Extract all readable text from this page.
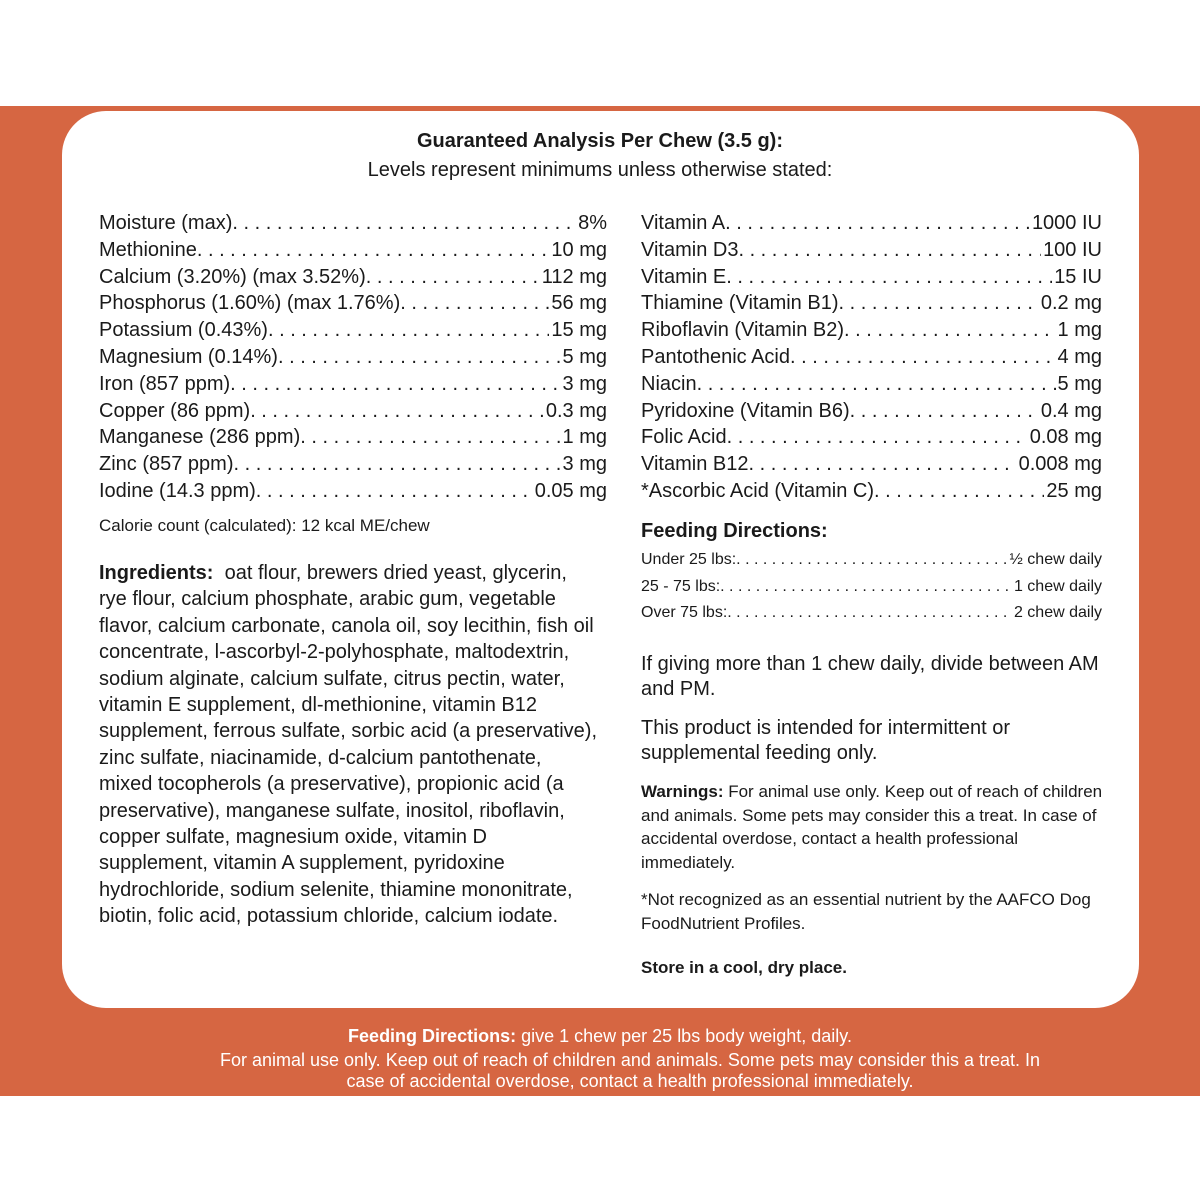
Guaranteed Analysis Per Chew (3.5 g):
Levels represent minimums unless otherwise stated:
Moisture (max) . . .	8%
Methionine . . .	10 mg
Calcium (3.20%) (max 3.52%) . . .	112 mg
Phosphorus (1.60%) (max 1.76%) . . .	56 mg
Potassium (0.43%) . . .	15 mg
Magnesium (0.14%) . . .	5 mg
Iron (857 ppm) . . .	3 mg
Copper (86 ppm) . . .	0.3 mg
Manganese (286 ppm) . . .	1 mg
Zinc (857 ppm) . . .	3 mg
Iodine (14.3 ppm) . . .	0.05 mg
Vitamin A . . .	1000 IU
Vitamin D3 . . .	100 IU
Vitamin E . . .	15 IU
Thiamine (Vitamin B1) . . .	0.2 mg
Riboflavin (Vitamin B2) . . .	1 mg
Pantothenic Acid . . .	4 mg
Niacin . . .	5 mg
Pyridoxine (Vitamin B6) . . .	0.4 mg
Folic Acid . . .	0.08 mg
Vitamin B12 . . .	0.008 mg
*Ascorbic Acid (Vitamin C) . . .	25 mg
Calorie count (calculated): 12 kcal ME/chew
Ingredients: oat flour, brewers dried yeast, glycerin, rye flour, calcium phosphate, arabic gum, vegetable flavor, calcium carbonate, canola oil, soy lecithin, fish oil concentrate, l-ascorbyl-2-polyhosphate, maltodextrin, sodium alginate, calcium sulfate, citrus pectin, water, vitamin E supplement, dl-methionine, vitamin B12 supplement, ferrous sulfate, sorbic acid (a preservative), zinc sulfate, niacinamide, d-calcium pantothenate, mixed tocopherols (a preservative), propionic acid (a preservative), manganese sulfate, inositol, riboflavin, copper sulfate, magnesium oxide, vitamin D supplement, vitamin A supplement, pyridoxine hydrochloride, sodium selenite, thiamine mononitrate, biotin, folic acid, potassium chloride, calcium iodate.
Feeding Directions:
Under 25 lbs: . . .	½ chew daily
25 - 75 lbs: . . .	1 chew daily
Over 75 lbs: . . .	2 chew daily
If giving more than 1 chew daily, divide between AM and PM.
This product is intended for intermittent or supplemental feeding only.
Warnings: For animal use only. Keep out of reach of children and animals. Some pets may consider this a treat. In case of accidental overdose, contact a health professional immediately.
*Not recognized as an essential nutrient by the AAFCO Dog FoodNutrient Profiles.
Store in a cool, dry place.
Feeding Directions: give 1 chew per 25 lbs body weight, daily.
For animal use only. Keep out of reach of children and animals. Some pets may consider this a treat. In case of accidental overdose, contact a health professional immediately.
